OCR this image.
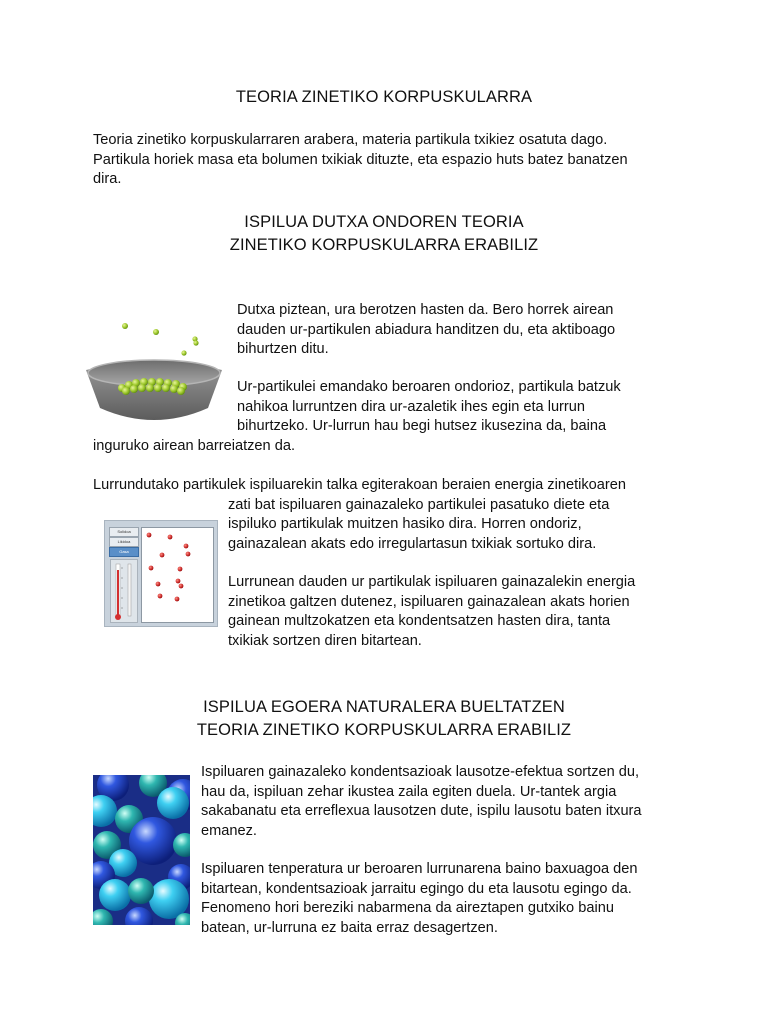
TEORIA ZINETIKO KORPUSKULARRA
Teoria zinetiko korpuskularraren arabera, materia partikula txikiez osatuta dago.
Partikula horiek masa eta bolumen txikiak dituzte, eta espazio huts batez banatzen
dira.
ISPILUA DUTXA ONDOREN TEORIA
ZINETIKO KORPUSKULARRA ERABILIZ
Dutxa piztean, ura berotzen hasten da. Bero horrek airean
dauden ur-partikulen abiadura handitzen du, eta aktiboago
bihurtzen ditu.
Ur-partikulei emandako beroaren ondorioz, partikula batzuk
nahikoa lurruntzen dira ur-azaletik ihes egin eta lurrun
bihurtzeko. Ur-lurrun hau begi hutsez ikusezina da, baina
inguruko airean barreiatzen da.
Lurrundutako partikulek ispiluarekin talka egiterakoan beraien energia zinetikoaren
zati bat ispiluaren gainazaleko partikulei pasatuko diete eta
ispiluko partikulak muitzen hasiko dira. Horren ondoriz,
gainazalean akats edo irregulartasun txikiak sortuko dira.
Solidoa
Likidoa
Gasa
Lurrunean dauden ur partikulak ispiluaren gainazalekin energia
zinetikoa galtzen dutenez, ispiluaren gainazalean akats horien
gainean multzokatzen eta kondentsatzen hasten dira, tanta
txikiak sortzen diren bitartean.
ISPILUA EGOERA NATURALERA BUELTATZEN
TEORIA ZINETIKO KORPUSKULARRA ERABILIZ
Ispiluaren gainazaleko kondentsazioak lausotze-efektua sortzen du,
hau da, ispiluan zehar ikustea zaila egiten duela. Ur-tantek argia
sakabanatu eta erreflexua lausotzen dute, ispilu lausotu baten itxura
emanez.
Ispiluaren tenperatura ur beroaren lurrunarena baino baxuagoa den
bitartean, kondentsazioak jarraitu egingo du eta lausotu egingo da.
Fenomeno hori bereziki nabarmena da aireztapen gutxiko bainu
batean, ur-lurruna ez baita erraz desagertzen.
